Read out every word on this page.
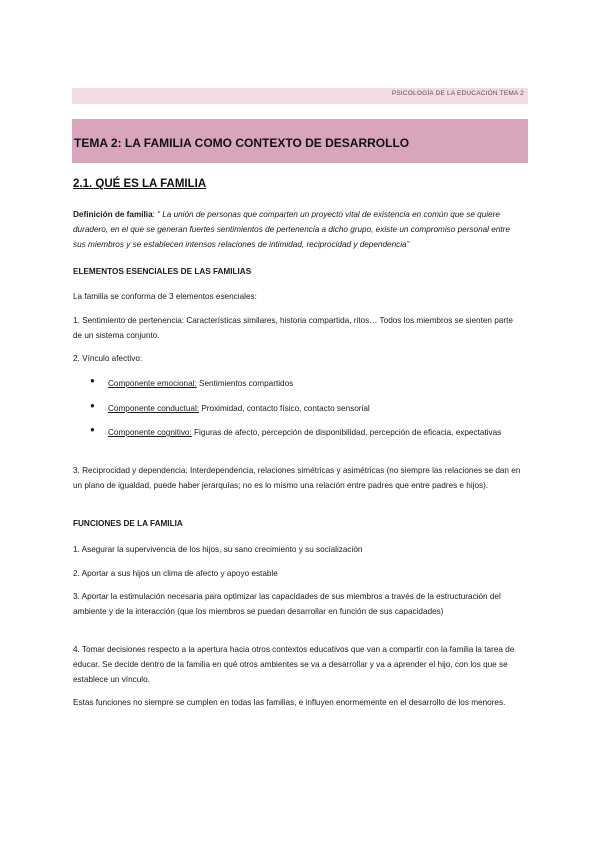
PSICOLOGÍA DE LA EDUCACIÓN TEMA 2
TEMA 2: LA FAMILIA COMO CONTEXTO DE DESARROLLO
2.1. QUÉ ES LA FAMILIA
Definición de familia: “ La unión de personas que comparten un proyecto vital de existencia en común que se quiere duradero, en el que se generan fuertes sentimientos de pertenencia a dicho grupo, existe un compromiso personal entre sus miembros y se establecen intensos relaciones de intimidad, reciprocidad y dependencia”
ELEMENTOS ESENCIALES DE LAS FAMILIAS
La familia se conforma de 3 elementos esenciales:
1. Sentimiento de pertenencia: Características similares, historia compartida, ritos… Todos los miembros se sienten parte de un sistema conjunto.
2. Vínculo afectivo:
● Componente emocional: Sentimientos compartidos
● Componente conductual: Proximidad, contacto físico, contacto sensorial
● Componente cognitivo: Figuras de afecto, percepción de disponibilidad, percepción de eficacia, expectativas
3. Reciprocidad y dependencia: Interdependencia, relaciones simétricas y asimétricas (no siempre las relaciones se dan en un plano de igualdad, puede haber jerarquías; no es lo mismo una relación entre padres que entre padres e hijos).
FUNCIONES DE LA FAMILIA
1. Asegurar la supervivencia de los hijos, su sano crecimiento y su socialización
2. Aportar a sus hijos un clima de afecto y apoyo estable
3. Aportar la estimulación necesaria para optimizar las capacidades de sus miembros a través de la estructuración del ambiente y de la interacción (que los miembros se puedan desarrollar en función de sus capacidades)
4. Tomar decisiones respecto a la apertura hacia otros contextos educativos que van a compartir con la familia la tarea de educar. Se decide dentro de la familia en qué otros ambientes se va a desarrollar y va a aprender el hijo, con los que se establece un vínculo.
Estas funciones no siempre se cumplen en todas las familias, e influyen enormemente en el desarrollo de los menores.
